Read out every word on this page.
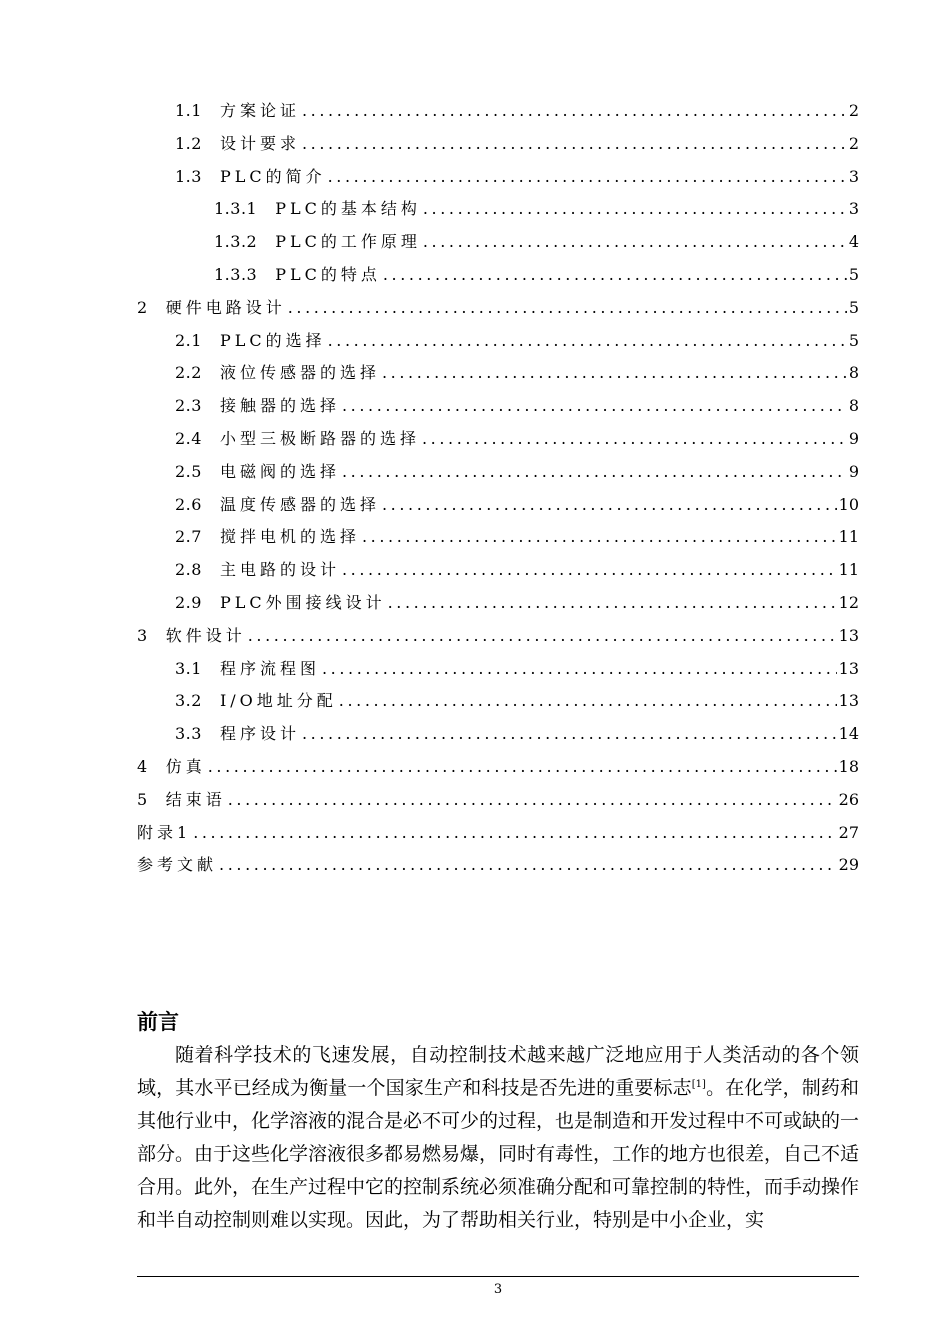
1.1 方案论证 .....	2
1.2 设计要求 .....	2
1.3 PLC的简介 .....	3
1.3.1 PLC的基本结构 .....	3
1.3.2 PLC的工作原理 .....	4
1.3.3 PLC的特点 .....	5
2 硬件电路设计 .....	5
2.1 PLC的选择 .....	5
2.2 液位传感器的选择 .....	8
2.3 接触器的选择 .....	8
2.4 小型三极断路器的选择 .....	9
2.5 电磁阀的选择 .....	9
2.6 温度传感器的选择 .....	10
2.7 搅拌电机的选择 .....	11
2.8 主电路的设计 .....	11
2.9 PLC外围接线设计 .....	12
3 软件设计 .....	13
3.1 程序流程图 .....	13
3.2 I/O地址分配 .....	13
3.3 程序设计 .....	14
4 仿真 .....	18
5 结束语 .....	26
附录1 .....	27
参考文献 .....	29
前言

随着科学技术的飞速发展，自动控制技术越来越广泛地应用于人类活动的各个领域，其水平已经成为衡量一个国家生产和科技是否先进的重要标志[1]。在化学，制药和其他行业中，化学溶液的混合是必不可少的过程，也是制造和开发过程中不可或缺的一部分。由于这些化学溶液很多都易燃易爆，同时有毒性，工作的地方也很差，自己不适合用。此外，在生产过程中它的控制系统必须准确分配和可靠控制的特性，而手动操作和半自动控制则难以实现。因此，为了帮助相关行业，特别是中小企业，实

3
